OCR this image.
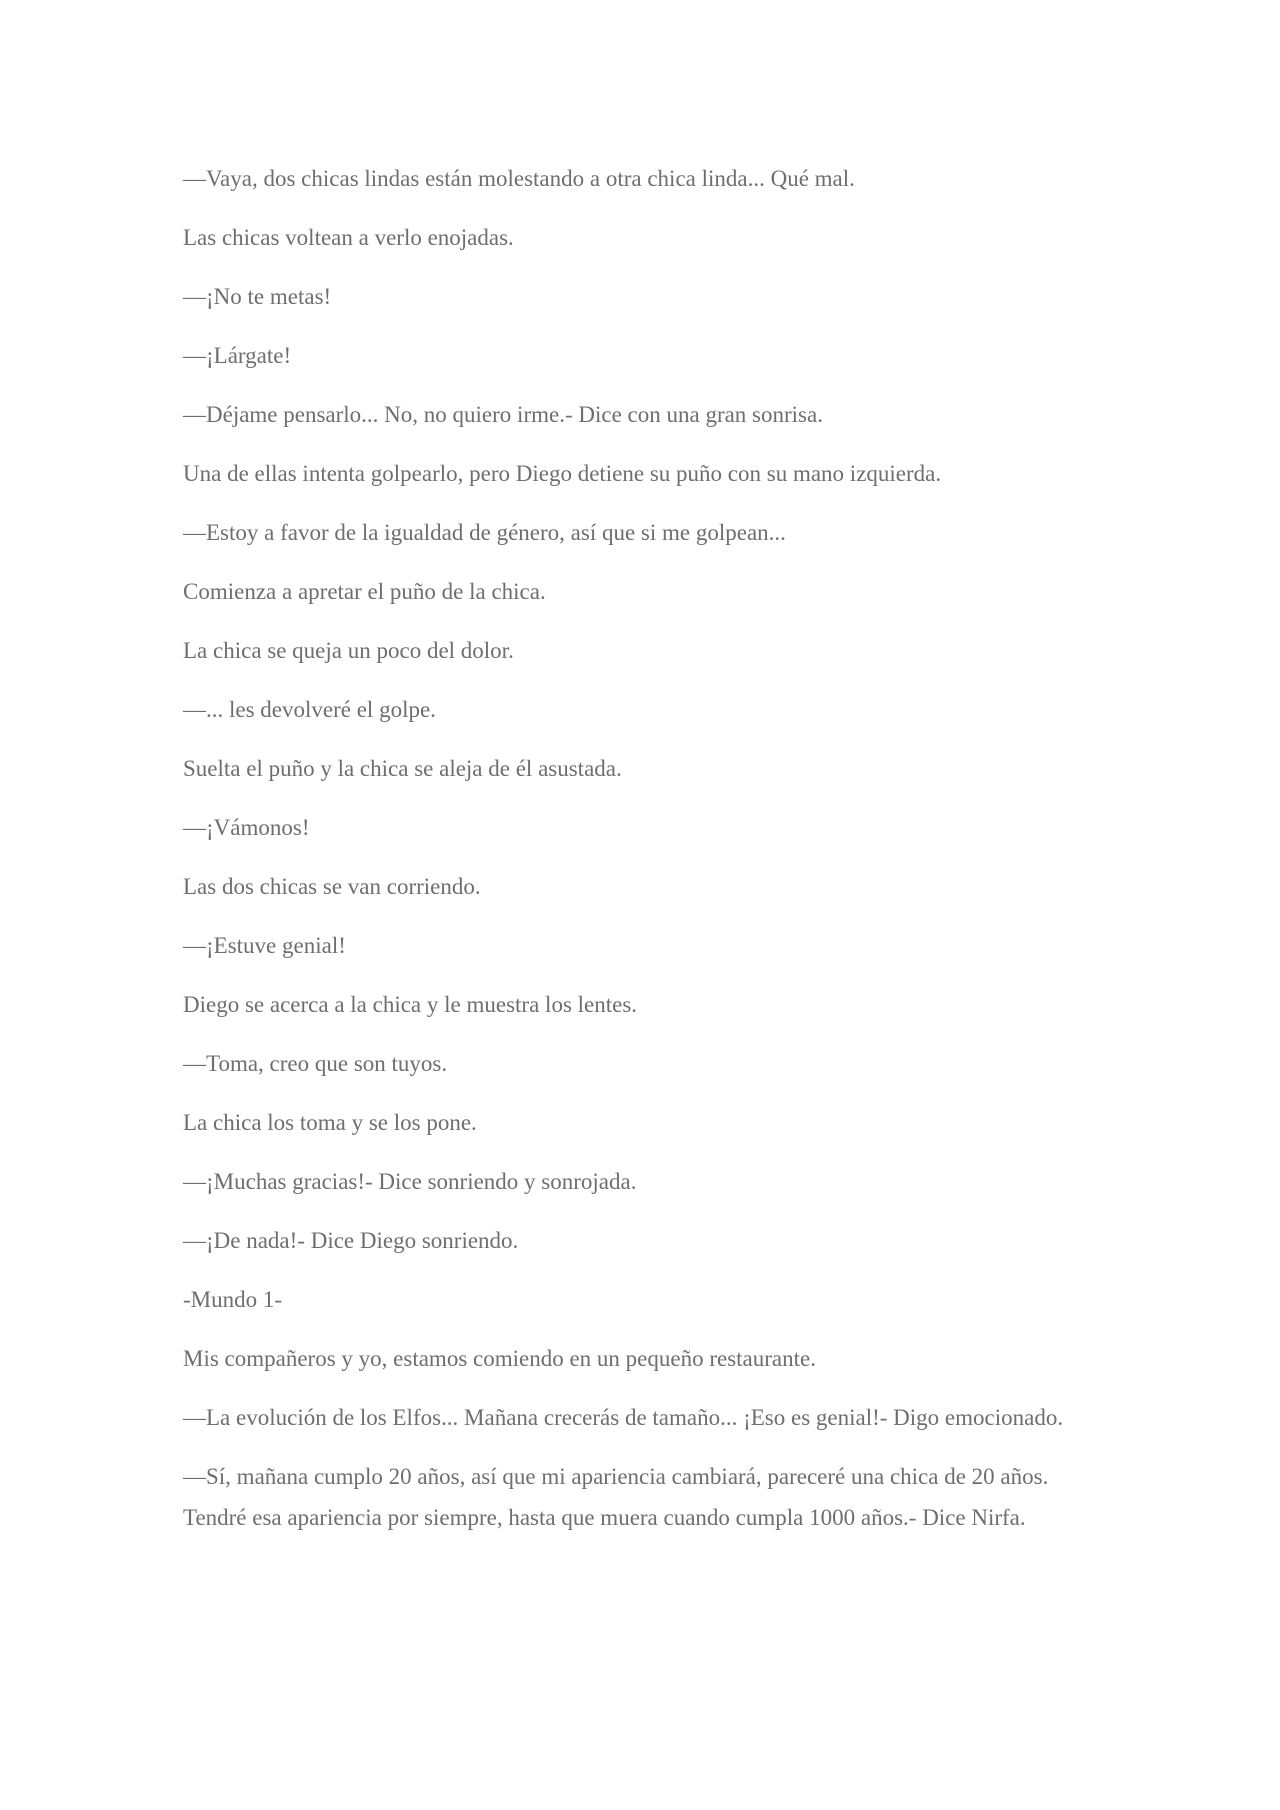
—Vaya, dos chicas lindas están molestando a otra chica linda... Qué mal.

Las chicas voltean a verlo enojadas.

—¡No te metas!

—¡Lárgate!

—Déjame pensarlo... No, no quiero irme.- Dice con una gran sonrisa.

Una de ellas intenta golpearlo, pero Diego detiene su puño con su mano izquierda.

—Estoy a favor de la igualdad de género, así que si me golpean...

Comienza a apretar el puño de la chica.

La chica se queja un poco del dolor.

—... les devolveré el golpe.

Suelta el puño y la chica se aleja de él asustada.

—¡Vámonos!

Las dos chicas se van corriendo.

—¡Estuve genial!

Diego se acerca a la chica y le muestra los lentes.

—Toma, creo que son tuyos.

La chica los toma y se los pone.

—¡Muchas gracias!- Dice sonriendo y sonrojada.

—¡De nada!- Dice Diego sonriendo.

-Mundo 1-

Mis compañeros y yo, estamos comiendo en un pequeño restaurante.

—La evolución de los Elfos... Mañana crecerás de tamaño... ¡Eso es genial!- Digo emocionado.

—Sí, mañana cumplo 20 años, así que mi apariencia cambiará, pareceré una chica de 20 años. Tendré esa apariencia por siempre, hasta que muera cuando cumpla 1000 años.- Dice Nirfa.
